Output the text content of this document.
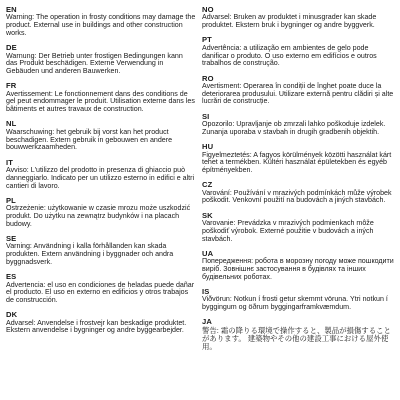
EN
Warning: The operation in frosty conditions may damage the product. External use in buildings and other construction works.
DE
Warnung: Der Betrieb unter frostigen Bedingungen kann das Produkt beschädigen. Externe Verwendung in Gebäuden und anderen Bauwerken.
FR
Avertissement: Le fonctionnement dans des conditions de gel peut endommager le produit. Utilisation externe dans les bâtiments et autres travaux de construction.
NL
Waarschuwing: het gebruik bij vorst kan het product beschadigen. Extern gebruik in gebouwen en andere bouwwerkzaamheden.
IT
Avviso: L'utilizzo del prodotto in presenza di ghiaccio può danneggiarlo. Indicato per un utilizzo esterno in edifici e altri cantieri di lavoro.
PL
Ostrzeżenie: użytkowanie w czasie mrozu może uszkodzić produkt. Do użytku na zewnątrz budynków i na placach budowy.
SE
Varning: Användning i kalla förhållanden kan skada produkten. Extern användning i byggnader och andra byggnadsverk.
ES
Advertencia: el uso en condiciones de heladas puede dañar el producto. El uso en externo en edificios y otros trabajos de construcción.
DK
Advarsel: Anvendelse i frostvejr kan beskadige produktet. Ekstern anvendelse i bygninger og andre byggearbejder.
NO
Advarsel: Bruken av produktet i minusgrader kan skade produktet. Ekstern bruk i bygninger og andre byggverk.
PT
Advertência: a utilização em ambientes de gelo pode danificar o produto. O uso externo em edifícios e outros trabalhos de construção.
RO
Avertisment: Operarea în condiții de înghet poate duce la deteriorarea produsului. Utilizare externă pentru clădiri și alte lucrări de construcție.
SI
Opozorilo: Upravljanje ob zmrzali lahko poškoduje izdelek. Zunanja uporaba v stavbah in drugih gradbenih objektih.
HU
Figyelmeztetés: A fagyos körülmények közötti használat kárt tehet a termékben. Kültéri használat épületekben és egyéb építményekben.
CZ
Varování: Používání v mrazivých podmínkách může výrobek poškodit. Venkovní použití na budovách a jiných stavbách.
SK
Varovanie: Prevádzka v mrazivých podmienkach môže poškodiť výrobok. Externé použitie v budovách a iných stavbách.
UA
Попередження: робота в морозну погоду може пошкодити виріб. Зовнішнє застосування в будівлях та інших будівельних роботах.
IS
Viðvörun: Notkun í frosti getur skemmt vöruna. Ytri notkun í byggingum og öðrum byggingarframkvæmdum.
JA
警告: 霜の降りる環境で操作すると、製品が損傷することがあります。 建築物やその他の建設工事における屋外使用。
